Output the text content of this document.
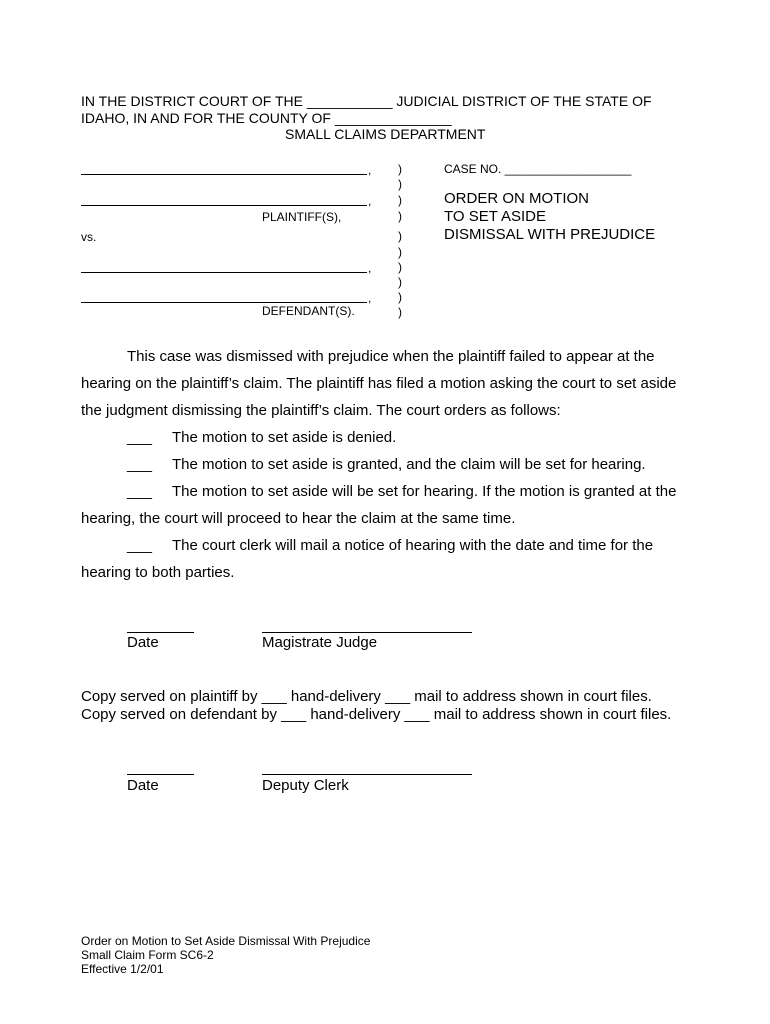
IN THE DISTRICT COURT OF THE ___________ JUDICIAL DISTRICT OF THE STATE OF
IDAHO, IN AND FOR THE COUNTY OF _______________
SMALL CLAIMS DEPARTMENT
,
,
PLAINTIFF(S),
vs.
,
,
DEFENDANT(S).
)
)
)
)
)
)
)
)
)
)
CASE NO. ___________________
ORDER ON MOTION
TO SET ASIDE
DISMISSAL WITH PREJUDICE
This case was dismissed with prejudice when the plaintiff failed to appear at the
hearing on the plaintiff’s claim. The plaintiff has filed a motion asking the court to set aside
the judgment dismissing the plaintiff’s claim. The court orders as follows:
___ The motion to set aside is denied.
___ The motion to set aside is granted, and the claim will be set for hearing.
___ The motion to set aside will be set for hearing. If the motion is granted at the
hearing, the court will proceed to hear the claim at the same time.
___ The court clerk will mail a notice of hearing with the date and time for the
hearing to both parties.
Date	Magistrate Judge
Copy served on plaintiff by ___ hand-delivery ___ mail to address shown in court files.
Copy served on defendant by ___ hand-delivery ___ mail to address shown in court files.
Date	Deputy Clerk
Order on Motion to Set Aside Dismissal With Prejudice
Small Claim Form SC6-2
Effective 1/2/01
